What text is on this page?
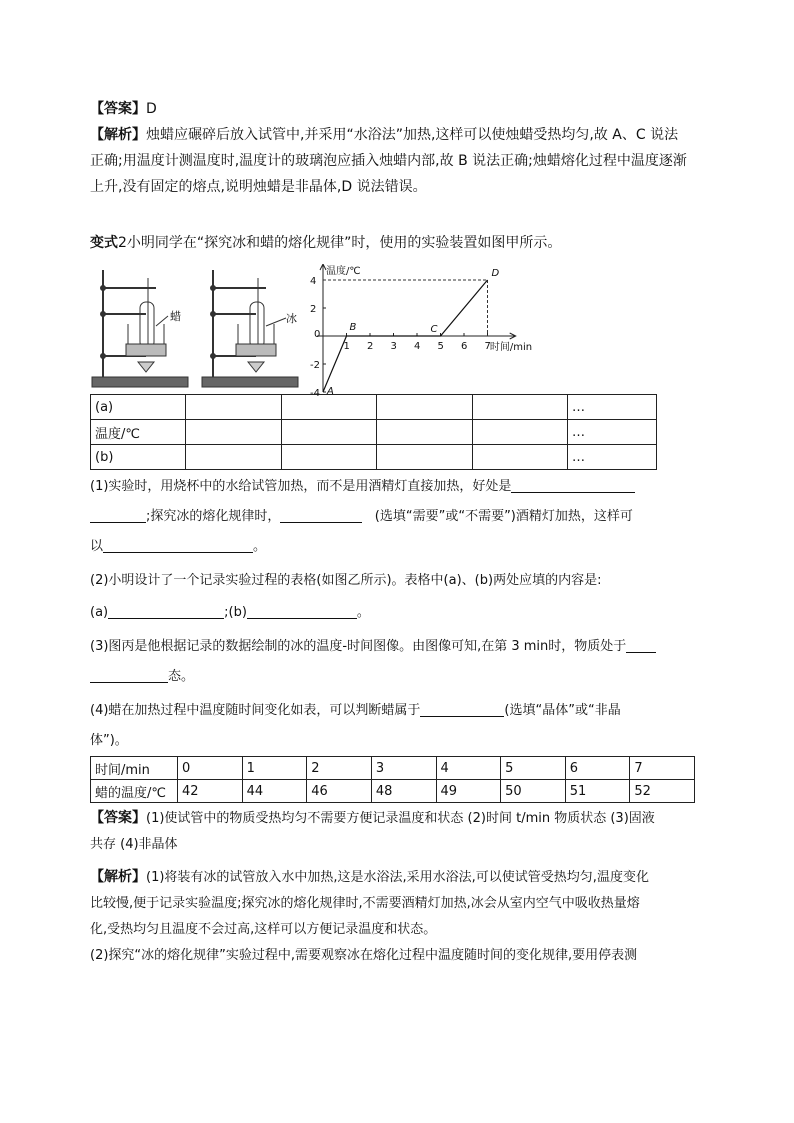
【答案】D

【解析】烛蜡应碾碎后放入试管中,并采用“水浴法”加热,这样可以使烛蜡受热均匀,故 A、C 说法

正确;用温度计测温度时,温度计的玻璃泡应插入烛蜡内部,故 B 说法正确;烛蜡熔化过程中温度逐渐

上升,没有固定的熔点,说明烛蜡是非晶体,D 说法错误。

变式2小明同学在“探究冰和蜡的熔化规律”时，使用的实验装置如图甲所示。

蜡	冰
温度/℃
时间/min
0
4
2
-2
-4
1 2 3 4 5 6 7
A
B	C
D
(a)					…
温度/℃					…
(b)					…

(1)实验时，用烧杯中的水给试管加热，而不是用酒精灯直接加热，好处是

;探究冰的熔化规律时，	(选填“需要”或“不需要”)酒精灯加热，这样可

以	。

(2)小明设计了一个记录实验过程的表格(如图乙所示)。表格中(a)、(b)两处应填的内容是:

(a)	;(b)	。

(3)图丙是他根据记录的数据绘制的冰的温度-时间图像。由图像可知,在第 3 min时，物质处于

态。

(4)蜡在加热过程中温度随时间变化如表，可以判断蜡属于	(选填“晶体”或“非晶

体”)。

时间/min	0	1	2	3	4	5	6	7
蜡的温度/℃	42	44	46	48	49	50	51	52

【答案】(1)使试管中的物质受热均匀不需要方便记录温度和状态 (2)时间 t/min 物质状态 (3)固液

共存 (4)非晶体

【解析】(1)将装有冰的试管放入水中加热,这是水浴法,采用水浴法,可以使试管受热均匀,温度变化

比较慢,便于记录实验温度;探究冰的熔化规律时,不需要酒精灯加热,冰会从室内空气中吸收热量熔

化,受热均匀且温度不会过高,这样可以方便记录温度和状态。

(2)探究“冰的熔化规律”实验过程中,需要观察冰在熔化过程中温度随时间的变化规律,要用停表测
